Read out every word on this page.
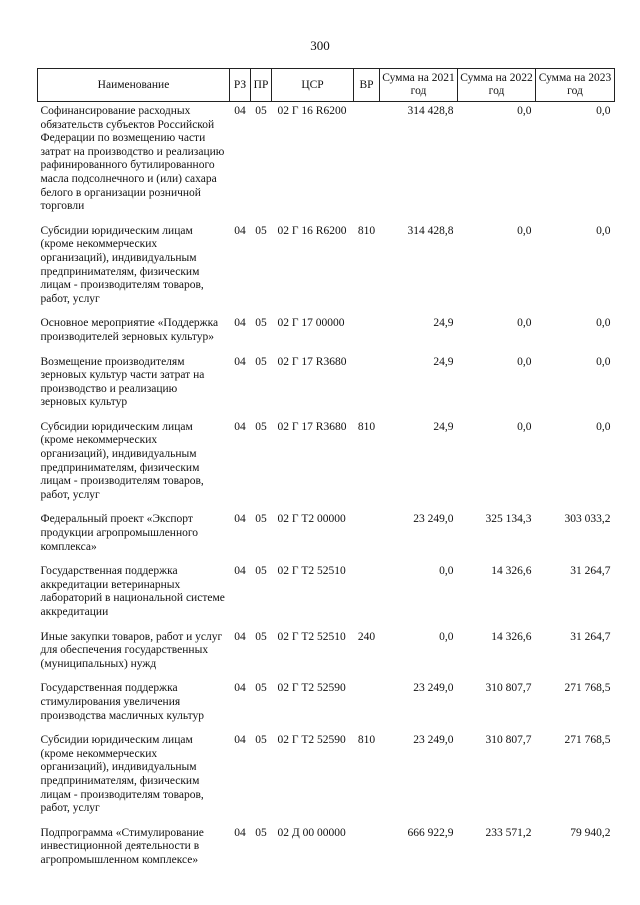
300
Наименование	РЗ	ПР	ЦСР	ВР	Сумма на 2021 год	Сумма на 2022 год	Сумма на 2023 год
Софинансирование расходных обязательств субъектов Российской Федерации по возмещению части затрат на производство и реализацию рафинированного бутилированного масла подсолнечного и (или) сахара белого в организации розничной торговли	04	05	02 Г 16 R6200		314 428,8	0,0	0,0
Субсидии юридическим лицам (кроме некоммерческих организаций), индивидуальным предпринимателям, физическим лицам - производителям товаров, работ, услуг	04	05	02 Г 16 R6200	810	314 428,8	0,0	0,0
Основное мероприятие «Поддержка производителей зерновых культур»	04	05	02 Г 17 00000		24,9	0,0	0,0
Возмещение производителям зерновых культур части затрат на производство и реализацию зерновых культур	04	05	02 Г 17 R3680		24,9	0,0	0,0
Субсидии юридическим лицам (кроме некоммерческих организаций), индивидуальным предпринимателям, физическим лицам - производителям товаров, работ, услуг	04	05	02 Г 17 R3680	810	24,9	0,0	0,0
Федеральный проект «Экспорт продукции агропромышленного комплекса»	04	05	02 Г T2 00000		23 249,0	325 134,3	303 033,2
Государственная поддержка аккредитации ветеринарных лабораторий в национальной системе аккредитации	04	05	02 Г T2 52510		0,0	14 326,6	31 264,7
Иные закупки товаров, работ и услуг для обеспечения государственных (муниципальных) нужд	04	05	02 Г T2 52510	240	0,0	14 326,6	31 264,7
Государственная поддержка стимулирования увеличения производства масличных культур	04	05	02 Г T2 52590		23 249,0	310 807,7	271 768,5
Субсидии юридическим лицам (кроме некоммерческих организаций), индивидуальным предпринимателям, физическим лицам - производителям товаров, работ, услуг	04	05	02 Г T2 52590	810	23 249,0	310 807,7	271 768,5
Подпрограмма «Стимулирование инвестиционной деятельности в агропромышленном комплексе»	04	05	02 Д 00 00000		666 922,9	233 571,2	79 940,2
